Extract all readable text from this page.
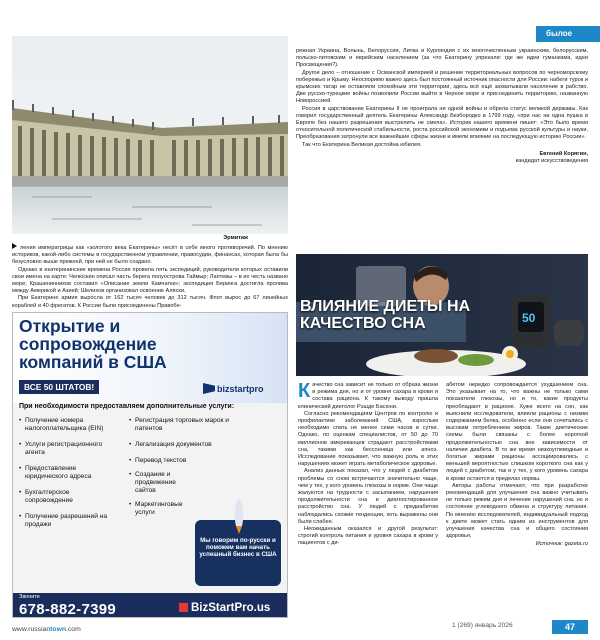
былое
Эрмитаж

режная Украина, Волынь, Белоруссия, Литва и Курляндия с их многочисленным украинским, белорусским, польско-литовским и еврейским населением (за что Екатерину упрекали: где же идеи гуманизма, идеи Просвещения?).

Другое дело – отношение с Османской империей и решение территориальных вопросов по черноморскому побережью и Крыму. Неоспоримо важно здесь был постоянный источник опасности для России: набеги турок и крымских татар не оставляли спокойным эти территории, здесь всё ещё захватывали население в рабство. Две русско-турецкие войны позволили России выйти в Черное море и присоединить территорию, названную Новороссией.

Россия в царствование Екатерины II не проиграла ни одной войны и обрела статус великой державы. Как говорил государственный деятель Екатерины Александр Безбородко в 1799 году, «при нас ни одна пушка в Европе без нашего разрешения выстрелить не смела». Историк нашего времени пишет: «Это было время относительной политической стабильности, роста российской экономики и подъема русской культуры и науки. Преобразования затронули все важнейшие сферы жизни и имели влияние на последующую историю России».

Так что Екатерина Великая достойна юбилея.

Евгений Корягин,

кандидат искусствоведения

ления императрицы как «золотого века Екатерины» несёт в себе много противоречий. По мнению историков, какой-либо системы в государственном управлении, правосудии, финансах, которая была бы безусловно выше прежней, при ней не было создано.

Однако в екатерининские времена Россия провела пять экспедиций, руководители которых оставили свои имена на карте: Челюскин описал часть берега полуострова Таймыр; Лаптевы – в их честь названо море; Крашенинников составил «Описание земли Камчатки»; экспедиция Беринга достигла пролива между Америкой и Азией; Шелихов организовал освоение Аляски.

При Екатерине армия выросла от 162 тысяч человек до 312 тысяч. Флот вырос до 67 линейных кораблей и 40 фрегатов. К России были присоединены Правобе-

Открытие и сопровождение компаний в США
ВСЕ 50 ШТАТОВ!	bizstartpro
При необходимости предоставляем дополнительные услуги:
• Получение номера налогоплательщика (EIN)
• Услуги регистрационного агента
• Предоставление юридического адреса
• Бухгалтерское сопровождение
• Получение разрешений на продажи
• Регистрация торговых марок и патентов
• Легализация документов
• Перевод текстов
• Создание и продвижение сайтов
• Маркетинговые услуги
Мы говорим по-русски и поможем вам начать успешный бизнес в США
Звоните
678-882-7399	BizStartPro.us
50
ВЛИЯНИЕ ДИЕТЫ НА КАЧЕСТВО СНА

Качество сна зависит не только от образа жизни и режима дня, но и от уровня сахара в крови и состава рациона. К такому выводу пришла клинический диетолог Рэшде Басюни.

Согласно рекомендациям Центров по контролю и профилактике заболеваний США, взрослым необходимо спать не менее семи часов в сутки. Однако, по оценкам специалистов, от 50 до 70 миллионов американцев страдают расстройствами сна, такими как бессонница или апноэ. Исследование показывает, что важную роль в этих нарушениях может играть метаболическое здоровье.

Анализ данных показал, что у людей с диабетом проблемы со сном встречаются значительно чаще, чем у тех, у кого уровень глюкозы в норме. Они чаще жалуются на трудности с засыпанием, нарушения продолжительности сна и диагностированное расстройство сна. У людей с предиабетом наблюдались схожие тенденции, хоть выражены они были слабее.

Неожиданным оказался и другой результат: строгий контроль питания и уровня сахара в крови у пациентов с ди-

абетом нередко сопровождается ухудшением сна. Это указывает на то, что важны не только сами показатели глюкозы, но и то, какие продукты преобладают в рационе. Хуже всего на сон, как выяснили исследователи, влияли рационы с низким содержанием белка, особенно если они сочетались с высоким потреблением жиров. Такие диетические схемы были связаны с более короткой продолжительностью сна вне зависимости от наличия диабета. В то же время низкоуглеводные и богатые жирами рационы ассоциировались с меньшей вероятностью слишком короткого сна как у людей с диабетом, так и у тех, у кого уровень сахара в крови остается в пределах нормы.

Авторы работы отмечают, что при разработке рекомендаций для улучшения сна важно учитывать не только режим дня и лечение нарушений сна, но и состояние углеводного обмена и структуру питания. По мнению исследователей, индивидуальный подход к диете может стать одним из инструментов для улучшения качества сна и общего состояния здоровья.

Источник: gazeta.ru

www.russiantown.com
1 (269) январь 2026	47
